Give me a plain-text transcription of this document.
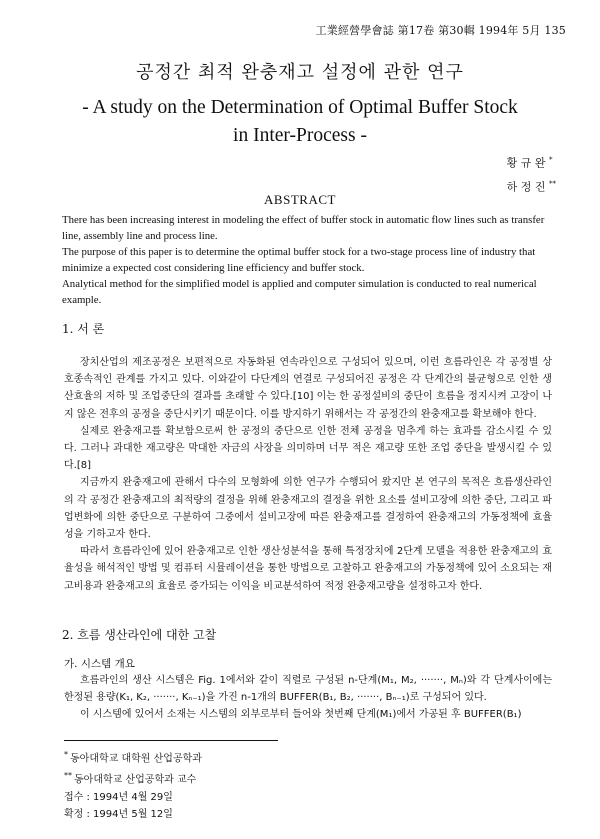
工業經營學會誌 第17卷 第30輯 1994年 5月 135
공정간 최적 완충재고 설정에 관한 연구
- A study on the Determination of Optimal Buffer Stock
in Inter-Process -
황 규 완 *
하 정 진 **
ABSTRACT

There has been increasing interest in modeling the effect of buffer stock in automatic flow lines such as transfer line, assembly line and process line.

The purpose of this paper is to determine the optimal buffer stock for a two-stage process line of industry that minimize a expected cost considering line efficiency and buffer stock.

Analytical method for the simplified model is applied and computer simulation is conducted to real numerical example.

1. 서 론

장치산업의 제조공정은 보편적으로 자동화된 연속라인으로 구성되어 있으며, 이런 흐름라인은 각 공정별 상호종속적인 관계를 가지고 있다. 이와같이 다단계의 연결로 구성되어진 공정은 각 단계간의 불균형으로 인한 생산효율의 저하 및 조업중단의 결과를 초래할 수 있다.[10] 이는 한 공정설비의 중단이 흐름을 정지시켜 고장이 나지 않은 전후의 공정을 중단시키기 때문이다. 이를 방지하기 위해서는 각 공정간의 완충재고를 확보해야 한다.

실제로 완충재고를 확보함으로써 한 공정의 중단으로 인한 전체 공정을 멈추게 하는 효과를 감소시킬 수 있다. 그러나 과대한 재고량은 막대한 자금의 사장을 의미하며 너무 적은 재고량 또한 조업 중단을 발생시킬 수 있다.[8]

지금까지 완충재고에 관해서 다수의 모형화에 의한 연구가 수행되어 왔지만 본 연구의 목적은 흐름생산라인의 각 공정간 완충재고의 최적량의 결정을 위해 완충재고의 결정을 위한 요소를 설비고장에 의한 중단, 그리고 파업변화에 의한 중단으로 구분하여 그중에서 설비고장에 따른 완충재고를 결정하여 완충재고의 가동정책에 효율성을 기하고자 한다.

따라서 흐름라인에 있어 완충재고로 인한 생산성분석을 통해 특정장치에 2단계 모델을 적용한 완충재고의 효율성을 해석적인 방법 및 컴퓨터 시뮬레이션을 통한 방법으로 고찰하고 완충재고의 가동정책에 있어 소요되는 재고비용과 완충재고의 효율로 증가되는 이익을 비교분석하여 적정 완충재고량을 설정하고자 한다.

2. 흐름 생산라인에 대한 고찰
가. 시스템 개요

흐름라인의 생산 시스템은 Fig. 1에서와 같이 직렬로 구성된 n-단계(M₁, M₂, ·······, Mₙ)와 각 단계사이에는 한정된 용량(K₁, K₂, ·······, Kₙ₋₁)을 가진 n-1개의 BUFFER(B₁, B₂, ·······, Bₙ₋₁)로 구성되어 있다.

이 시스템에 있어서 소재는 시스템의 외부로부터 들어와 첫번째 단계(M₁)에서 가공된 후 BUFFER(B₁)

* 동아대학교 대학원 산업공학과

** 동아대학교 산업공학과 교수

접수 : 1994년 4월 29일

확정 : 1994년 5월 12일
